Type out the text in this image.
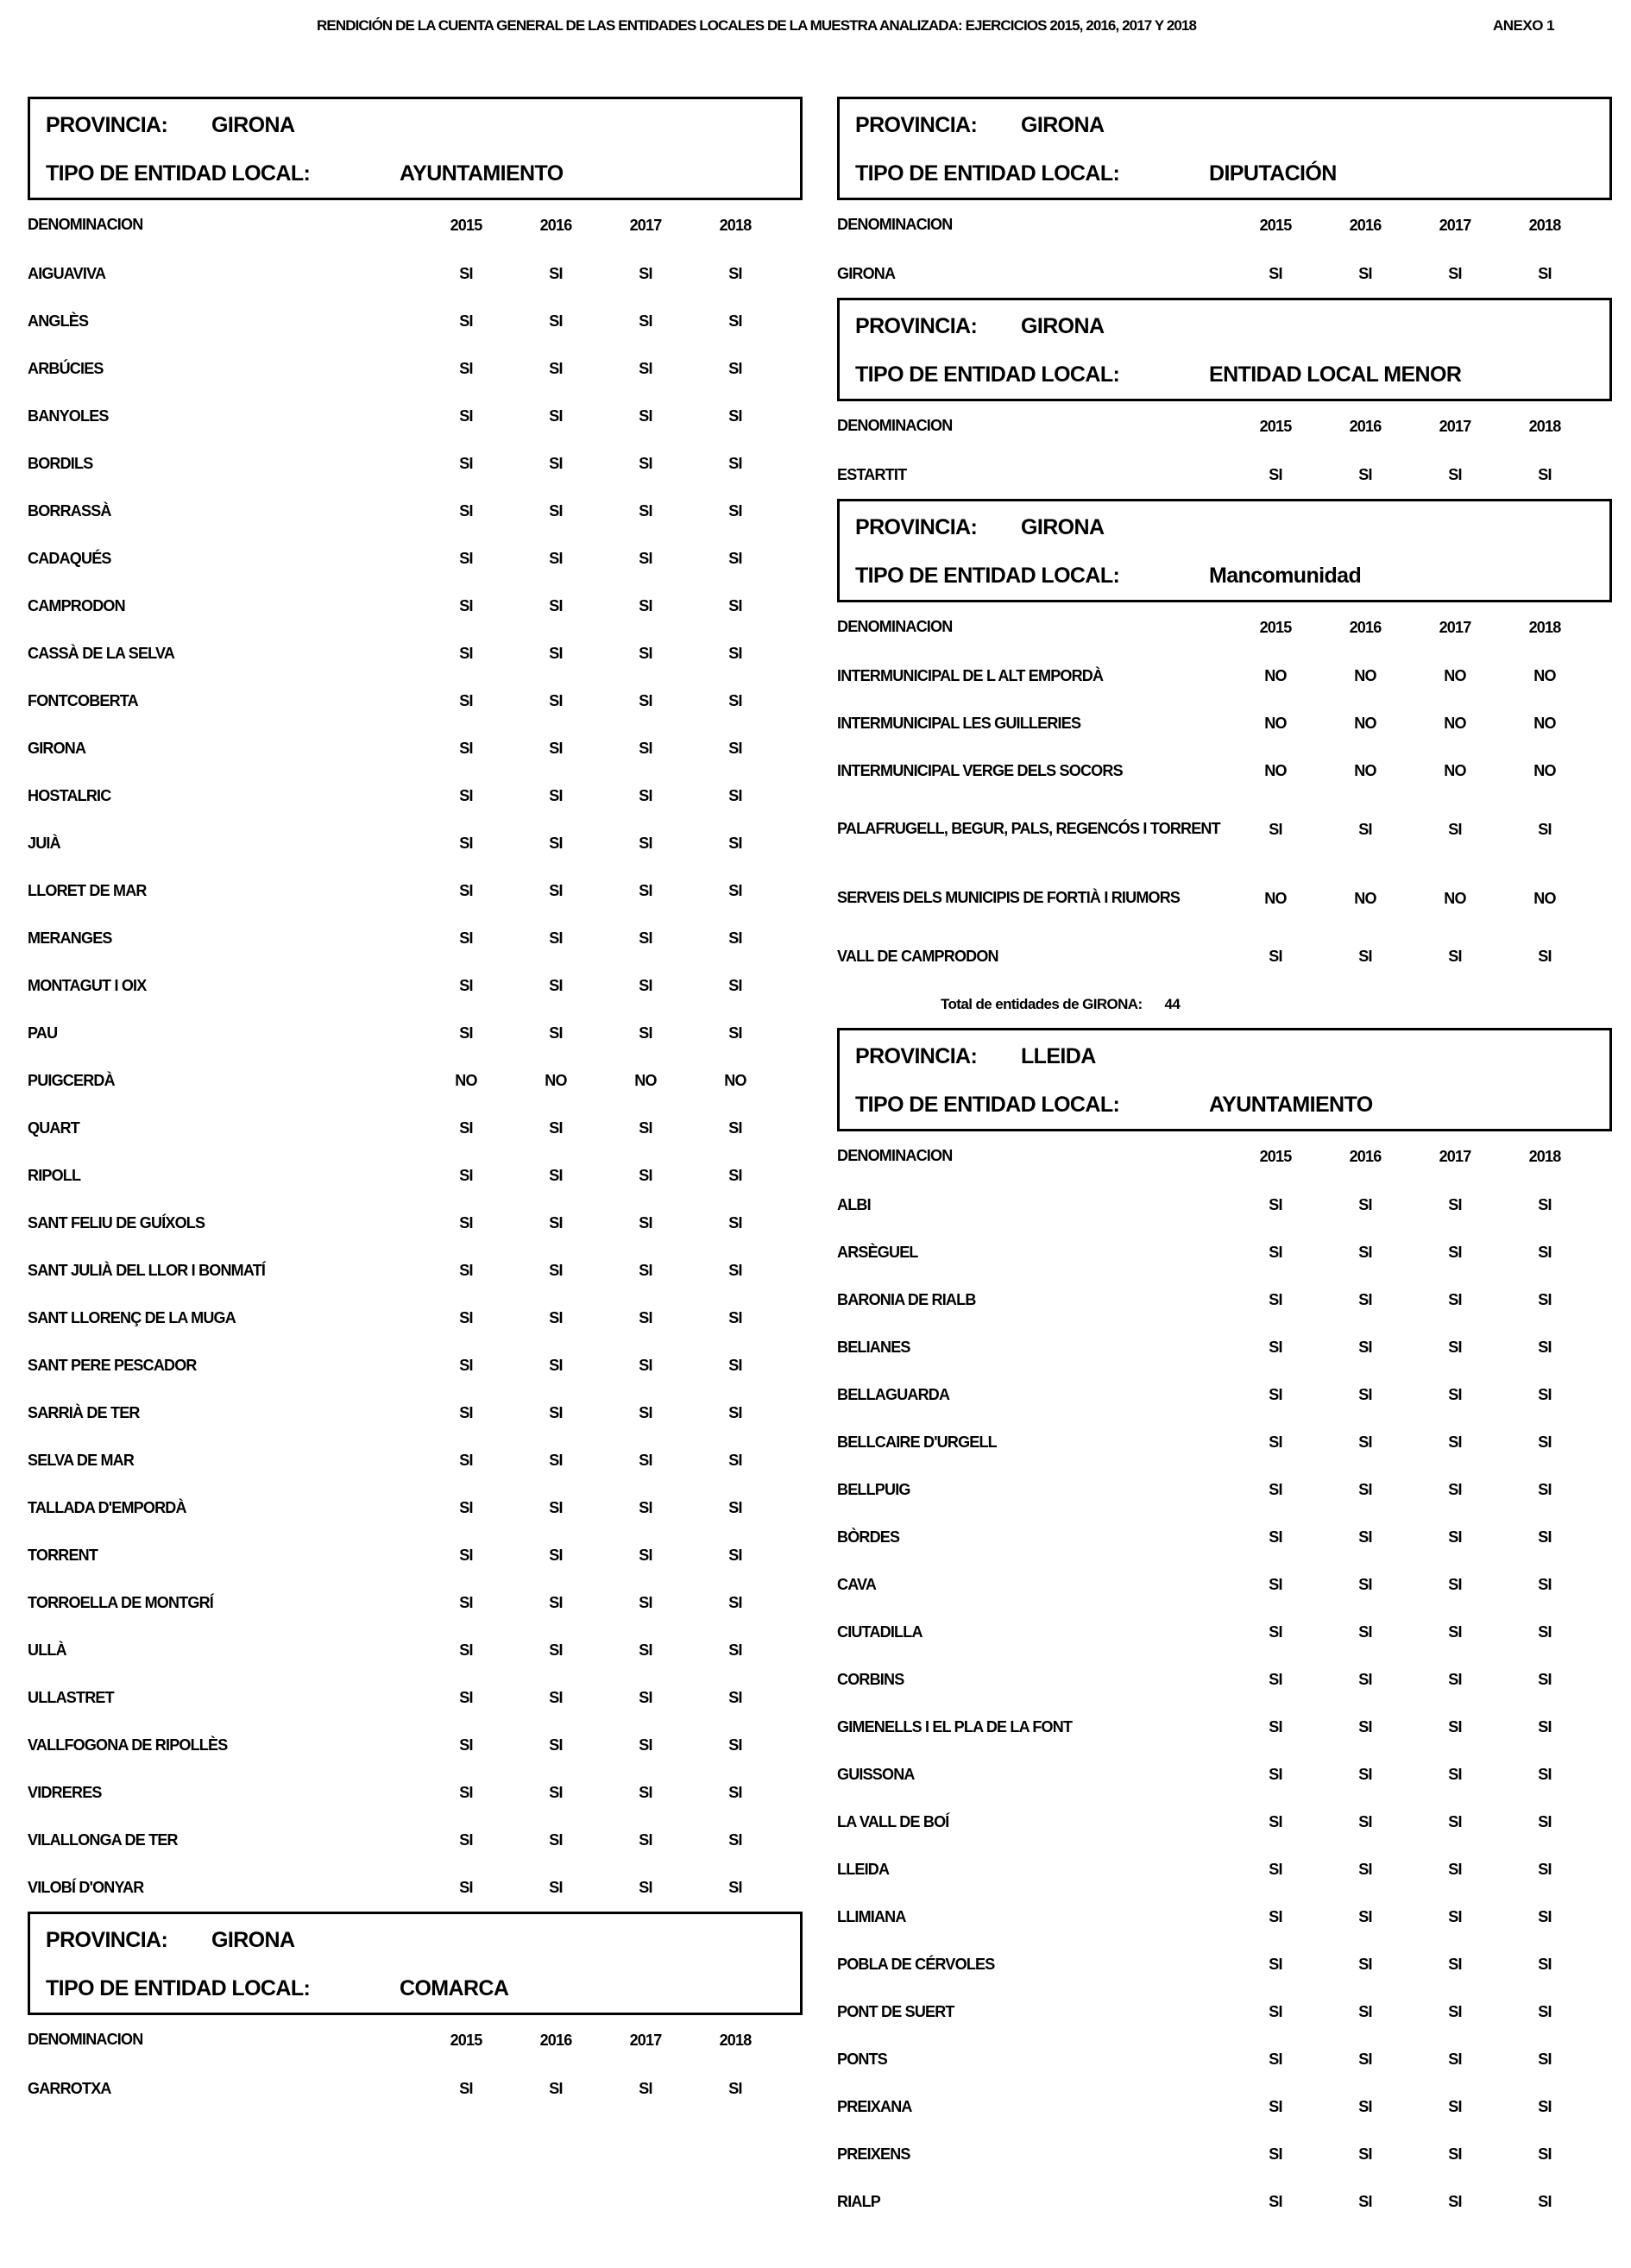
RENDICIÓN DE LA CUENTA GENERAL DE LAS ENTIDADES LOCALES DE LA MUESTRA ANALIZADA: EJERCICIOS 2015, 2016, 2017 Y 2018	ANEXO 1
PROVINCIA: GIRONA
TIPO DE ENTIDAD LOCAL:	AYUNTAMIENTO
DENOMINACION	2015	2016	2017	2018
AIGUAVIVA	SI	SI	SI	SI
ANGLÈS	SI	SI	SI	SI
ARBÚCIES	SI	SI	SI	SI
BANYOLES	SI	SI	SI	SI
BORDILS	SI	SI	SI	SI
BORRASSÀ	SI	SI	SI	SI
CADAQUÉS	SI	SI	SI	SI
CAMPRODON	SI	SI	SI	SI
CASSÀ DE LA SELVA	SI	SI	SI	SI
FONTCOBERTA	SI	SI	SI	SI
GIRONA	SI	SI	SI	SI
HOSTALRIC	SI	SI	SI	SI
JUIÀ	SI	SI	SI	SI
LLORET DE MAR	SI	SI	SI	SI
MERANGES	SI	SI	SI	SI
MONTAGUT I OIX	SI	SI	SI	SI
PAU	SI	SI	SI	SI
PUIGCERDÀ	NO	NO	NO	NO
QUART	SI	SI	SI	SI
RIPOLL	SI	SI	SI	SI
SANT FELIU DE GUÍXOLS	SI	SI	SI	SI
SANT JULIÀ DEL LLOR I BONMATÍ	SI	SI	SI	SI
SANT LLORENÇ DE LA MUGA	SI	SI	SI	SI
SANT PERE PESCADOR	SI	SI	SI	SI
SARRIÀ DE TER	SI	SI	SI	SI
SELVA DE MAR	SI	SI	SI	SI
TALLADA D'EMPORDÀ	SI	SI	SI	SI
TORRENT	SI	SI	SI	SI
TORROELLA DE MONTGRÍ	SI	SI	SI	SI
ULLÀ	SI	SI	SI	SI
ULLASTRET	SI	SI	SI	SI
VALLFOGONA DE RIPOLLÈS	SI	SI	SI	SI
VIDRERES	SI	SI	SI	SI
VILALLONGA DE TER	SI	SI	SI	SI
VILOBÍ D'ONYAR	SI	SI	SI	SI
PROVINCIA: GIRONA
TIPO DE ENTIDAD LOCAL:	COMARCA
DENOMINACION	2015	2016	2017	2018
GARROTXA	SI	SI	SI	SI
PROVINCIA: GIRONA
TIPO DE ENTIDAD LOCAL:	DIPUTACIÓN
DENOMINACION	2015	2016	2017	2018
GIRONA	SI	SI	SI	SI
PROVINCIA: GIRONA
TIPO DE ENTIDAD LOCAL:	ENTIDAD LOCAL MENOR
DENOMINACION	2015	2016	2017	2018
ESTARTIT	SI	SI	SI	SI
PROVINCIA: GIRONA
TIPO DE ENTIDAD LOCAL:	Mancomunidad
DENOMINACION	2015	2016	2017	2018
INTERMUNICIPAL DE L ALT EMPORDÀ	NO	NO	NO	NO
INTERMUNICIPAL LES GUILLERIES	NO	NO	NO	NO
INTERMUNICIPAL VERGE DELS SOCORS	NO	NO	NO	NO
PALAFRUGELL, BEGUR, PALS, REGENCÓS I TORRENT	SI	SI	SI	SI
SERVEIS DELS MUNICIPIS DE FORTIÀ I RIUMORS	NO	NO	NO	NO
VALL DE CAMPRODON	SI	SI	SI	SI
Total de entidades de GIRONA: 44
PROVINCIA: LLEIDA
TIPO DE ENTIDAD LOCAL:	AYUNTAMIENTO
DENOMINACION	2015	2016	2017	2018
ALBI	SI	SI	SI	SI
ARSÈGUEL	SI	SI	SI	SI
BARONIA DE RIALB	SI	SI	SI	SI
BELIANES	SI	SI	SI	SI
BELLAGUARDA	SI	SI	SI	SI
BELLCAIRE D'URGELL	SI	SI	SI	SI
BELLPUIG	SI	SI	SI	SI
BÒRDES	SI	SI	SI	SI
CAVA	SI	SI	SI	SI
CIUTADILLA	SI	SI	SI	SI
CORBINS	SI	SI	SI	SI
GIMENELLS I EL PLA DE LA FONT	SI	SI	SI	SI
GUISSONA	SI	SI	SI	SI
LA VALL DE BOÍ	SI	SI	SI	SI
LLEIDA	SI	SI	SI	SI
LLIMIANA	SI	SI	SI	SI
POBLA DE CÉRVOLES	SI	SI	SI	SI
PONT DE SUERT	SI	SI	SI	SI
PONTS	SI	SI	SI	SI
PREIXANA	SI	SI	SI	SI
PREIXENS	SI	SI	SI	SI
RIALP	SI	SI	SI	SI
